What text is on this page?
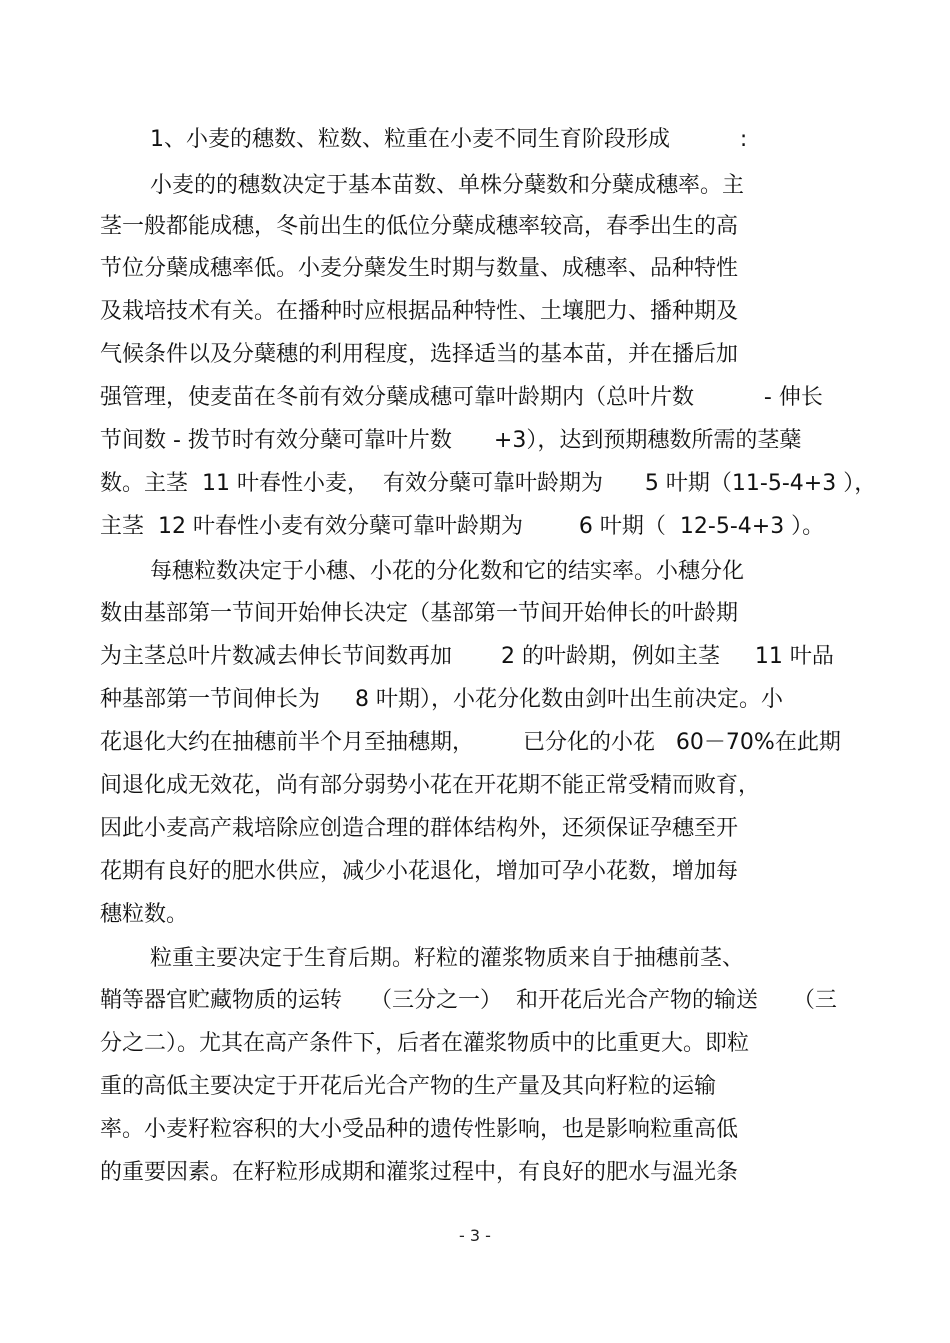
1、小麦的穗数、粒数、粒重在小麦不同生育阶段形成          :
小麦的的穗数决定于基本苗数、单株分蘖数和分蘖成穗率。主
茎一般都能成穗，冬前出生的低位分蘖成穗率较高，春季出生的高
节位分蘖成穗率低。小麦分蘖发生时期与数量、成穗率、品种特性
及栽培技术有关。在播种时应根据品种特性、土壤肥力、播种期及
气候条件以及分蘖穗的利用程度，选择适当的基本苗，并在播后加
强管理，使麦苗在冬前有效分蘖成穗可靠叶龄期内（总叶片数          - 伸长
节间数 - 拨节时有效分蘖可靠叶片数      +3），达到预期穗数所需的茎蘖
数。主茎  11 叶春性小麦，  有效分蘖可靠叶龄期为      5 叶期（11-5-4+3 ），
主茎  12 叶春性小麦有效分蘖可靠叶龄期为        6 叶期（  12-5-4+3 ）。
每穗粒数决定于小穗、小花的分化数和它的结实率。小穗分化
数由基部第一节间开始伸长决定（基部第一节间开始伸长的叶龄期
为主茎总叶片数减去伸长节间数再加       2 的叶龄期，例如主茎     11 叶品
种基部第一节间伸长为     8 叶期），小花分化数由剑叶出生前决定。小
花退化大约在抽穗前半个月至抽穗期，       已分化的小花   60－70%在此期
间退化成无效花，尚有部分弱势小花在开花期不能正常受精而败育，
因此小麦高产栽培除应创造合理的群体结构外，还须保证孕穗至开
花期有良好的肥水供应，减少小花退化，增加可孕小花数，增加每
穗粒数。
粒重主要决定于生育后期。籽粒的灌浆物质来自于抽穗前茎、
鞘等器官贮藏物质的运转    （三分之一）  和开花后光合产物的输送     （三
分之二）。尤其在高产条件下，后者在灌浆物质中的比重更大。即粒
重的高低主要决定于开花后光合产物的生产量及其向籽粒的运输
率。小麦籽粒容积的大小受品种的遗传性影响，也是影响粒重高低
的重要因素。在籽粒形成期和灌浆过程中，有良好的肥水与温光条
- 3 -
